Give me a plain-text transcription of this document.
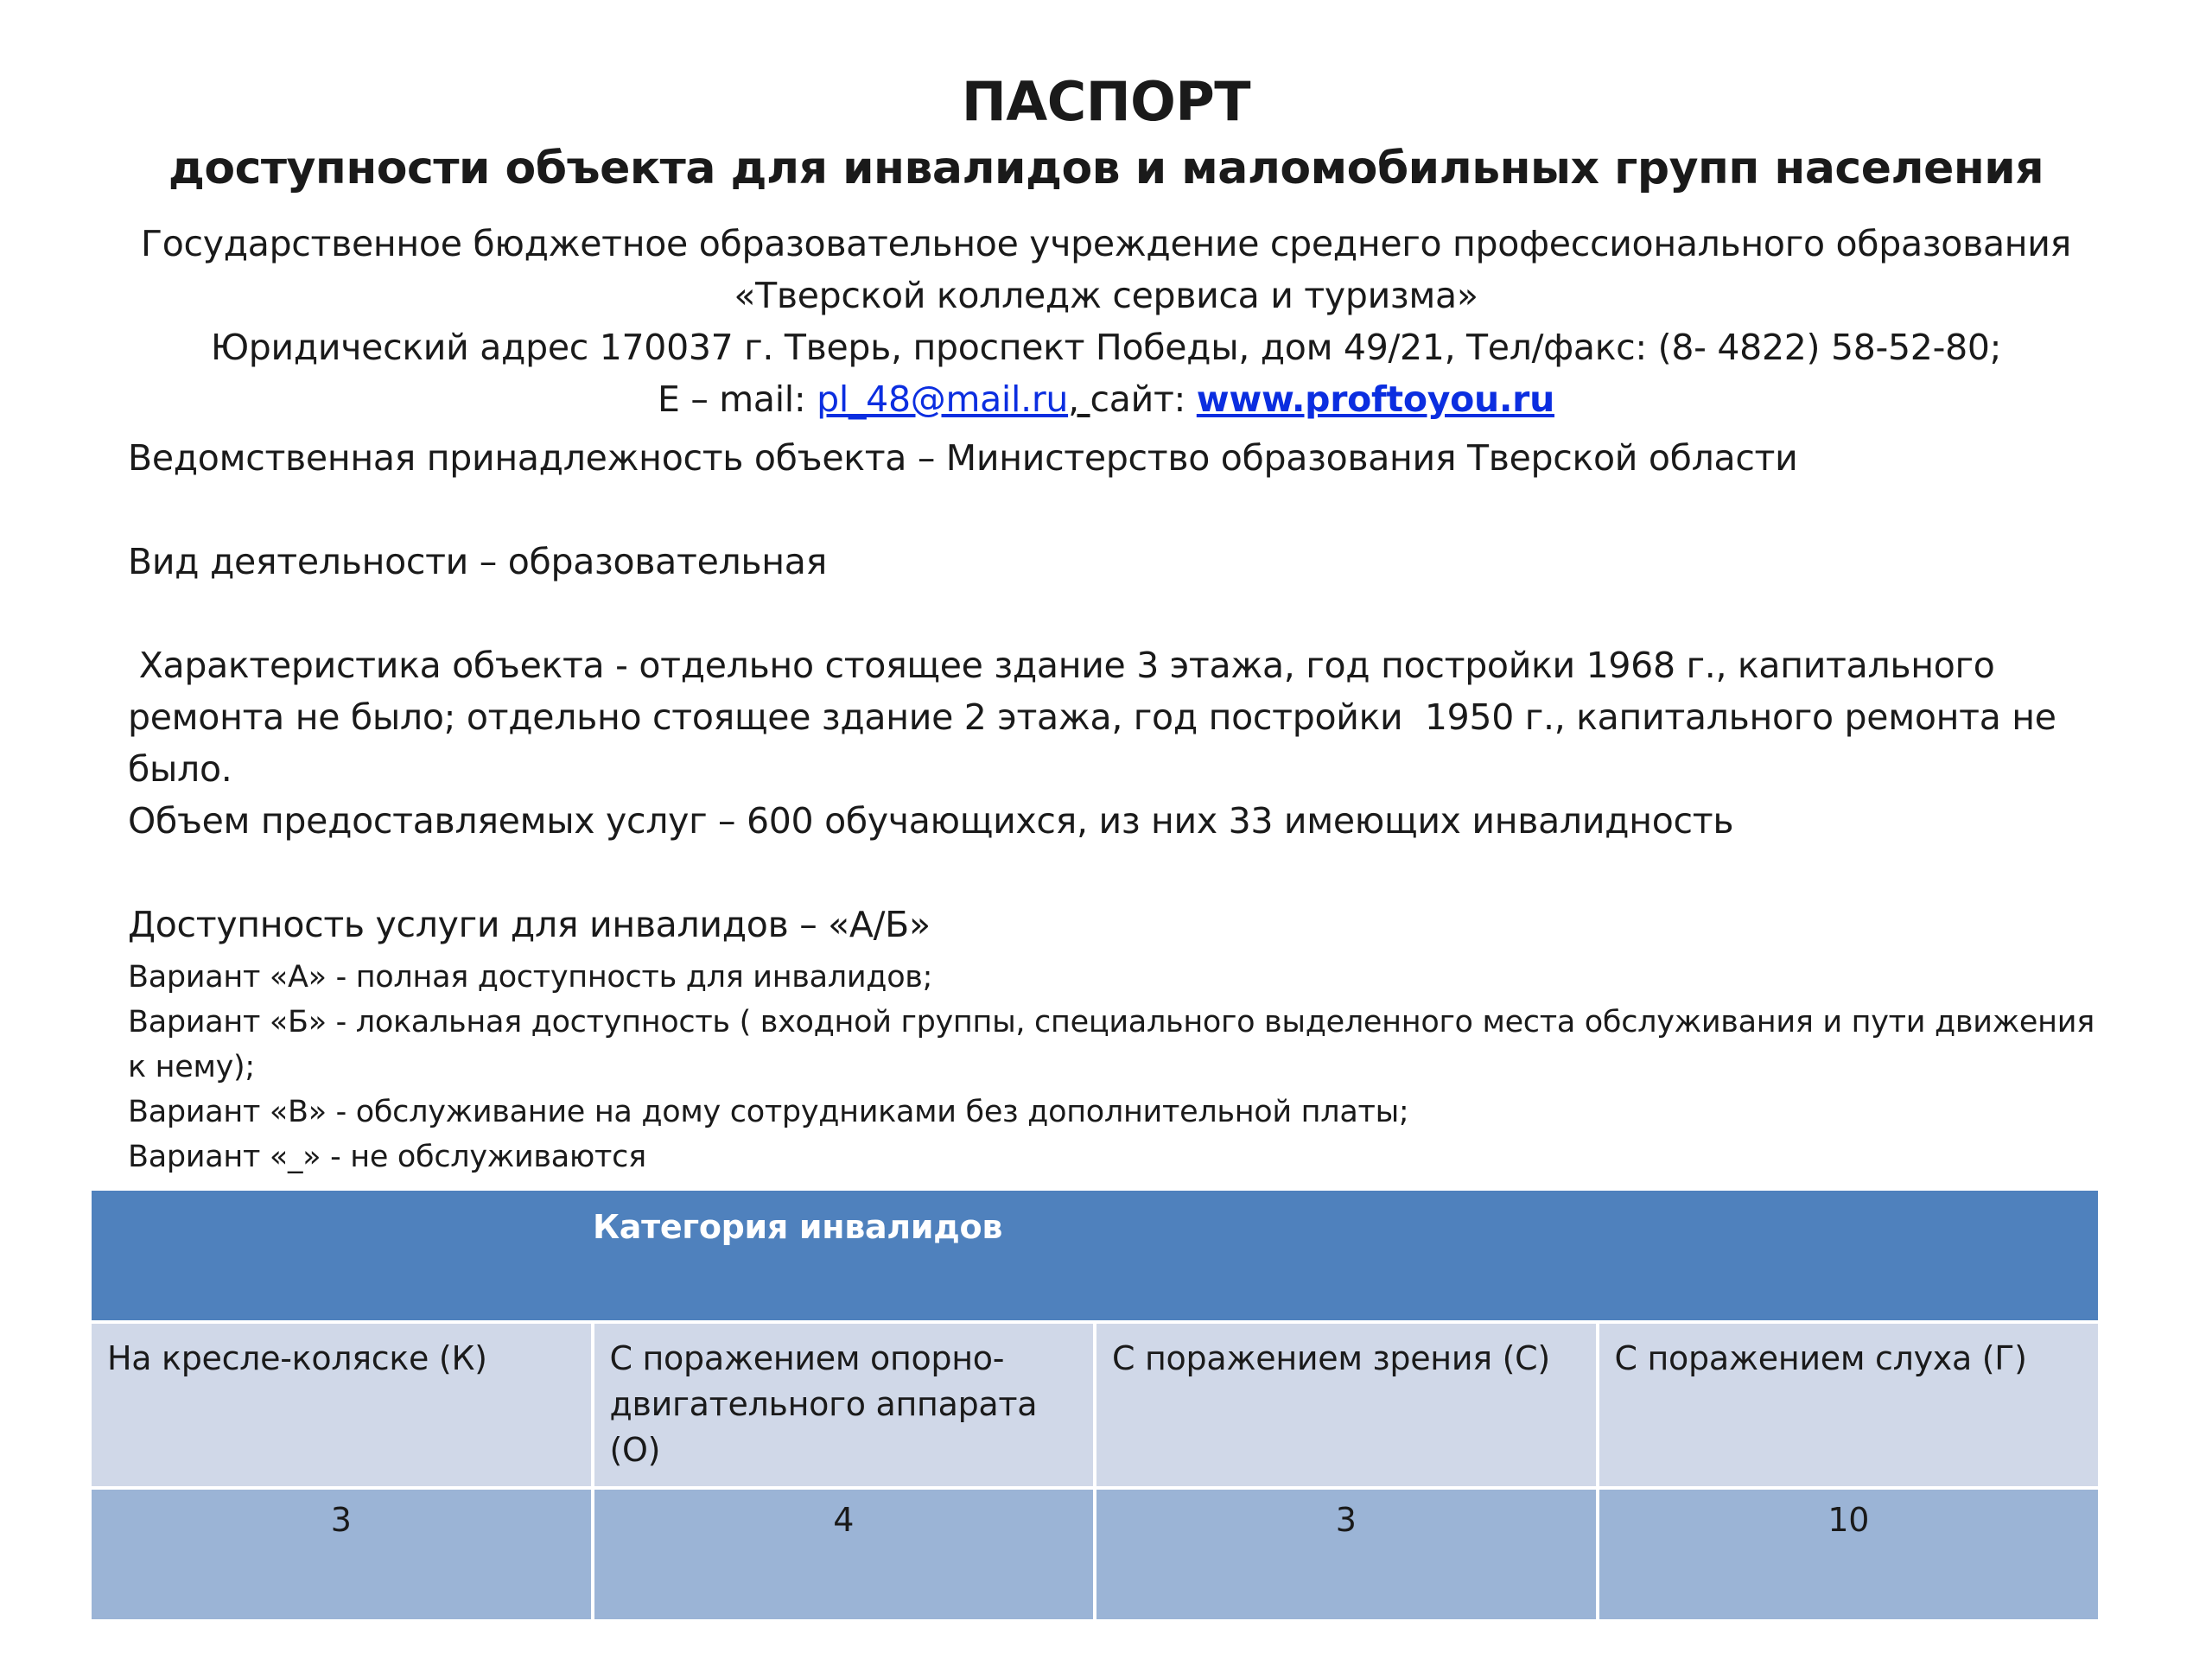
ПАСПОРТ
доступности объекта для инвалидов и маломобильных групп населения
Государственное бюджетное образовательное учреждение среднего профессионального образования
«Тверской колледж сервиса и туризма»
Юридический адрес 170037 г. Тверь, проспект Победы, дом 49/21, Тел/факс: (8- 4822) 58-52-80;
E – mail: pl_48@mail.ru, сайт: www.proftoyou.ru
Ведомственная принадлежность объекта – Министерство образования Тверской области
Вид деятельности – образовательная
Характеристика объекта - отдельно стоящее здание 3 этажа, год постройки 1968 г., капитального ремонта не было; отдельно стоящее здание 2 этажа, год постройки  1950 г., капитального ремонта не было.
Объем предоставляемых услуг – 600 обучающихся, из них 33 имеющих инвалидность
Доступность услуги для инвалидов – «А/Б»
Вариант «А» - полная доступность для инвалидов;
Вариант «Б» - локальная доступность ( входной группы, специального выделенного места обслуживания и пути движения к нему);
Вариант «В» - обслуживание на дому сотрудниками без дополнительной платы;
Вариант «_» - не обслуживаются
Категория инвалидов			

На кресле-коляске (К)	С поражением опорно-двигательного аппарата (О)	С поражением зрения (С)	С поражением слуха (Г)
3	4	3	10
